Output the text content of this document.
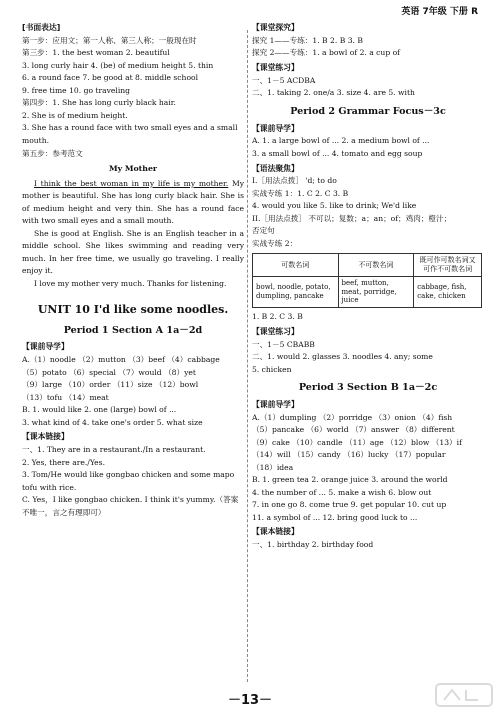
英语 7年级 下册 R
[书面表达]
第一步：应用文；第一人称、第三人称；一般现在时
第三步：1. the best woman 2. beautiful
3. long curly hair 4. (be) of medium height 5. thin
6. a round face 7. be good at 8. middle school
9. free time 10. go traveling
第四步：1. She has long curly black hair.
2. She is of medium height.
3. She has a round face with two small eyes and a small
mouth.
第五步：参考范文
My Mother
I think the best woman in my life is my mother. My mother is beautiful. She has long curly black hair. She is of medium height and very thin. She has a round face with two small eyes and a small mouth.
She is good at English. She is an English teacher in a middle school. She likes swimming and reading very much. In her free time, we usually go traveling. I really enjoy it.
I love my mother very much. Thanks for listening.
UNIT 10 I'd like some noodles.
Period 1 Section A 1a－2d
【课前导学】
A.（1）noodle （2）mutton （3）beef （4）cabbage
（5）potato （6）special （7）would （8）yet
（9）large （10）order （11）size （12）bowl
（13）tofu （14）meat
B. 1. would like 2. one (large) bowl of ...
3. what kind of 4. take one's order 5. what size
【课本链接】
一、1. They are in a restaurant./In a restaurant.
2. Yes, there are./Yes.
3. Tom/He would like gongbao chicken and some mapo
tofu with rice.
C. Yes，I like gongbao chicken. I think it's yummy.（答案
不唯一，言之有理即可）
【课堂探究】
探究 1——专练：1. B 2. B 3. B
探究 2——专练：1. a bowl of 2. a cup of
【课堂练习】
一、1－5 ACDBA
二、1. taking 2. one/a 3. size 4. are 5. with
Period 2 Grammar Focus－3c
【课前导学】
A. 1. a large bowl of ... 2. a medium bowl of ...
3. a small bowl of ... 4. tomato and egg soup
【语法聚焦】
I.［用法点拨］ 'd; to do
实战专练 1：1. C 2. C 3. B
4. would you like 5. like to drink; We'd like
II.［用法点拨］ 不可以；复数；a；an；of；鸡肉；橙汁；
否定句
实战专练 2：
可数名词	不可数名词	既可作可数名词又可作不可数名词
bowl, noodle, potato, dumpling, pancake	beef, mutton, meat, porridge, juice	cabbage, fish, cake, chicken
1. B 2. C 3. B
【课堂练习】
一、1－5 CBABB
二、1. would 2. glasses 3. noodles 4. any; some
5. chicken
Period 3 Section B 1a－2c
【课前导学】
A.（1）dumpling （2）porridge （3）onion （4）fish
（5）pancake （6）world （7）answer （8）different
（9）cake （10）candle （11）age （12）blow （13）if
（14）will （15）candy （16）lucky （17）popular
（18）idea
B. 1. green tea 2. orange juice 3. around the world
4. the number of ... 5. make a wish 6. blow out
7. in one go 8. come true 9. get popular 10. cut up
11. a symbol of ... 12. bring good luck to ...
【课本链接】
一、1. birthday 2. birthday food
－13－
